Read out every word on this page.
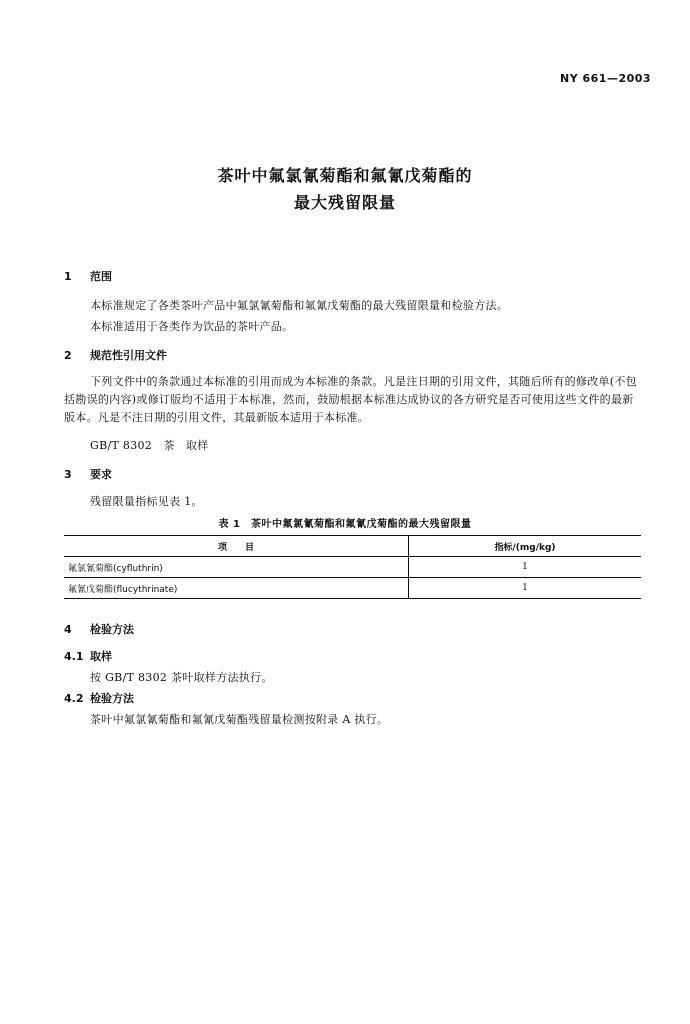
NY 661—2003
茶叶中氟氯氰菊酯和氟氰戊菊酯的
最大残留限量
1 范围
本标准规定了各类茶叶产品中氟氯氰菊酯和氟氰戊菊酯的最大残留限量和检验方法。
本标准适用于各类作为饮品的茶叶产品。
2 规范性引用文件
下列文件中的条款通过本标准的引用而成为本标准的条款。凡是注日期的引用文件，其随后所有的修改单(不包括勘误的内容)或修订版均不适用于本标准，然而，鼓励根据本标准达成协议的各方研究是否可使用这些文件的最新版本。凡是不注日期的引用文件，其最新版本适用于本标准。
GB/T 8302　茶　取样
3 要求
残留限量指标见表 1。
表 1　茶叶中氟氯氰菊酯和氟氰戊菊酯的最大残留限量
项　　目	指标/(mg/kg)
氟氯氰菊酯(cyfluthrin)	1
氟氰戊菊酯(flucythrinate)	1
4 检验方法
4.1 取样
按 GB/T 8302 茶叶取样方法执行。
4.2 检验方法
茶叶中氟氯氰菊酯和氟氰戊菊酯残留量检测按附录 A 执行。
